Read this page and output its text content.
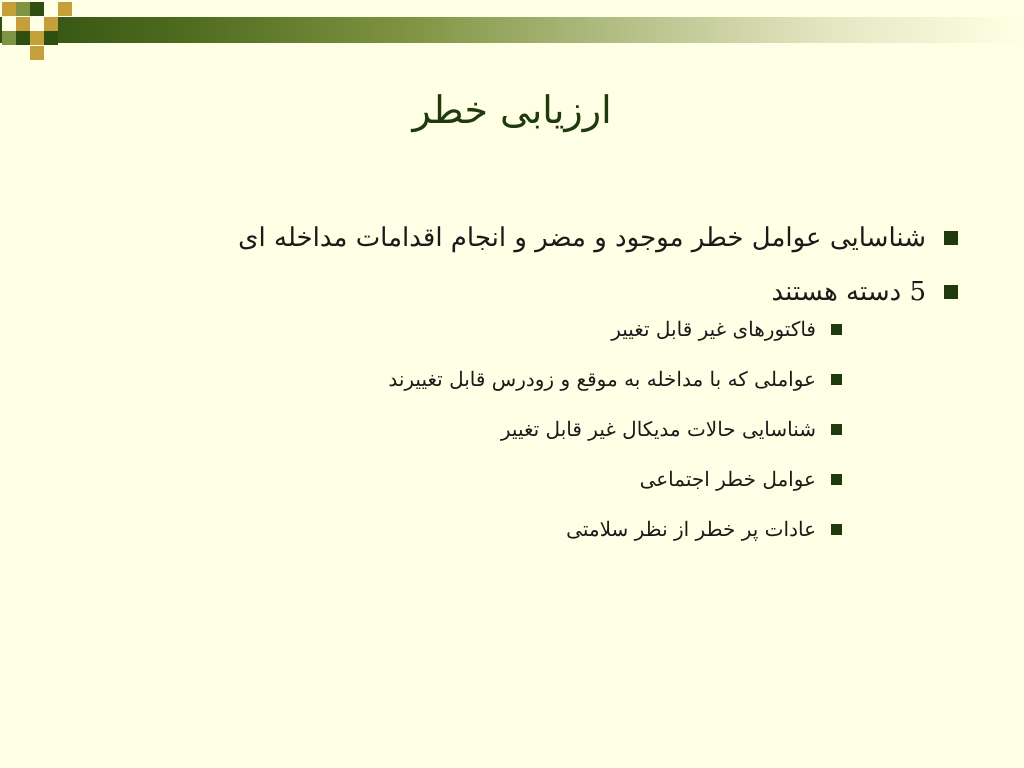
ارزیابی خطر
شناسایی عوامل خطر موجود و مضر و انجام اقدامات مداخله ای
5 دسته هستند
فاکتورهای غیر قابل تغییر
عواملی که با مداخله به موقع و زودرس قابل تغییرند
شناسایی حالات مدیکال غیر قابل تغییر
عوامل خطر اجتماعی
عادات پر خطر از نظر سلامتی
